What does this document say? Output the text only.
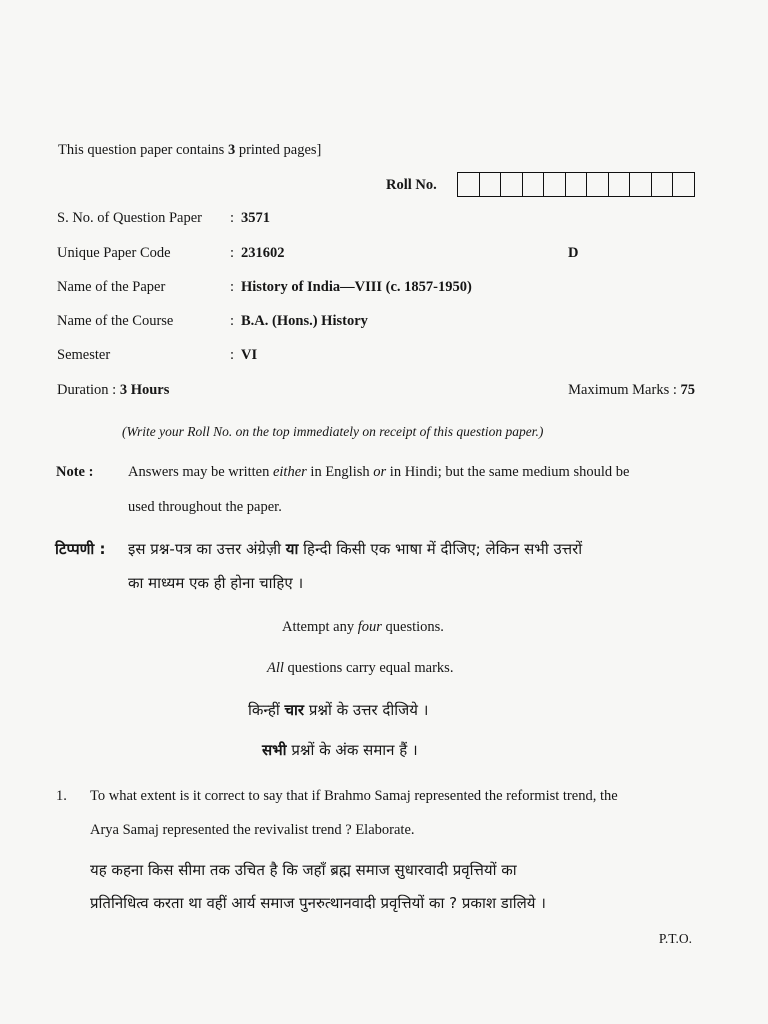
This question paper contains 3 printed pages]
Roll No.
S. No. of Question Paper : 3571
Unique Paper Code	: 231602	D
Name of the Paper	: History of India—VIII (c. 1857-1950)
Name of the Course	: B.A. (Hons.) History
Semester	: VI
Duration : 3 Hours	Maximum Marks : 75
(Write your Roll No. on the top immediately on receipt of this question paper.)
Note : Answers may be written either in English or in Hindi; but the same medium should be
used throughout the paper.
टिप्पणी : इस प्रश्न-पत्र का उत्तर अंग्रेज़ी या हिन्दी किसी एक भाषा में दीजिए; लेकिन सभी उत्तरों
का माध्यम एक ही होना चाहिए ।
Attempt any four questions.
All questions carry equal marks.
किन्हीं चार प्रश्नों के उत्तर दीजिये ।
सभी प्रश्नों के अंक समान हैं ।
1. To what extent is it correct to say that if Brahmo Samaj represented the reformist trend, the
Arya Samaj represented the revivalist trend ? Elaborate.
यह कहना किस सीमा तक उचित है कि जहाँ ब्रह्म समाज सुधारवादी प्रवृत्तियों का
प्रतिनिधित्व करता था वहीं आर्य समाज पुनरुत्थानवादी प्रवृत्तियों का ? प्रकाश डालिये ।
P.T.O.
